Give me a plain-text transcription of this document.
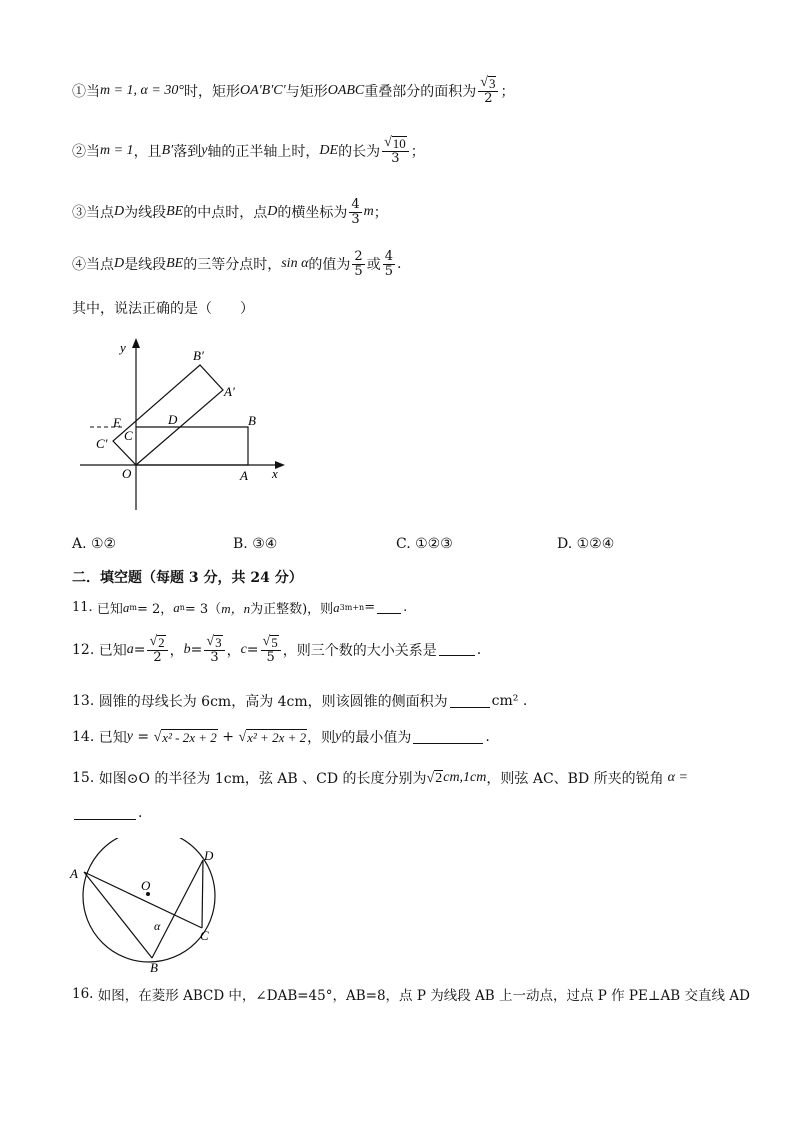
①当 m = 1, α = 30° 时，矩形 OA′B′C′ 与矩形 OABC 重叠部分的面积为 $\frac{√ 3}{2}$ ；
②当 m = 1 ，且 B′ 落到 y 轴的正半轴上时， DE 的长为 $\frac{√ 10}{3}$ ；
③当点 D 为线段 BE 的中点时，点 D 的横坐标为 $\frac{4}{3}$ m ；
④当点 D 是线段 BE 的三等分点时， sin α 的值为 $\frac{2}{5}$ 或 $\frac{4}{5}$ .
其中，说法正确的是（　　）
y
x
O	A
B
C
D
E
B′
A′
C′
A. ①②	B. ③④	C. ①②③	D. ①②④
二．填空题（每题 3 分，共 24 分）
11.
已知 a m = 2， a n = 3（ m，n 为正整数)，则 a 3m+n = .
12.
已知 $a = \frac{√ 2}{2}$ ， $b = \frac{√ 3}{3}$ ， $c = \frac{√ 5}{5}$ ，则三个数的大小关系是	.
13.
圆锥的母线长为 6cm，高为 4cm，则该圆锥的侧面积为	cm²
.
14.
已知 y = √ x² - 2x + 2 + √ x² + 2x + 2 ，则 y 的最小值为	.
15.
如图⊙O 的半径为 1cm，弦 AB 、CD 的长度分别为 √ 2 cm,1cm ，则弦 AC、BD 所夹的锐角 α =
.
O
A
B
C
D
α
16.
如图，在菱形 ABCD 中，∠DAB=45°，AB=8，点 P 为线段 AB 上一动点，过点 P 作 PE⊥AB 交直线 AD
